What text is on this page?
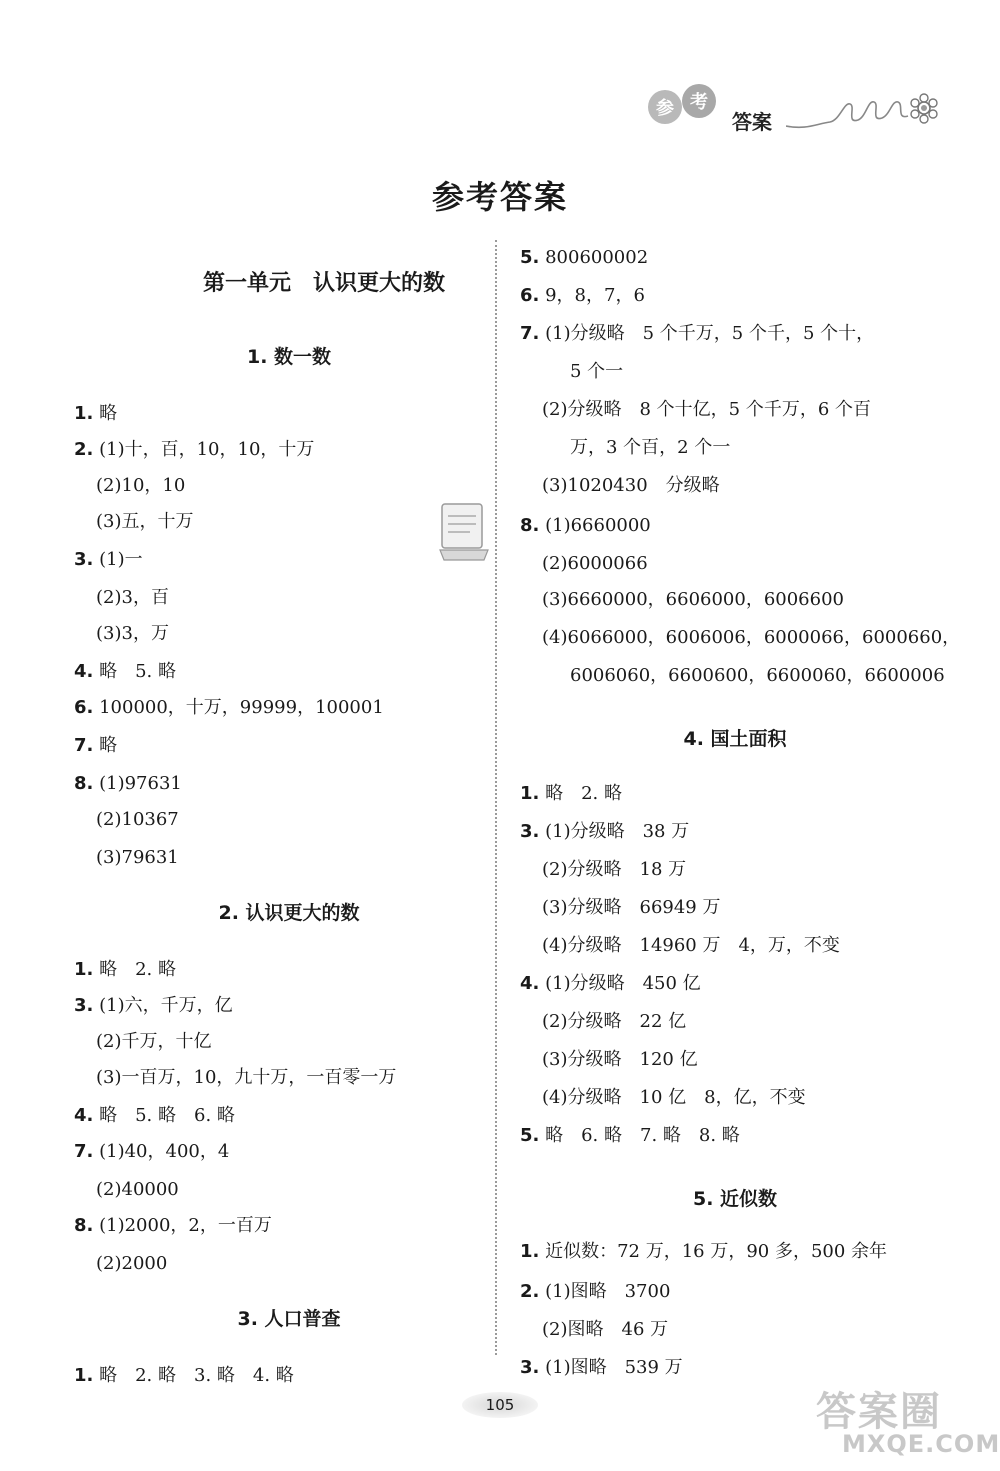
参 考
答案
参考答案
第一单元　认识更大的数
1. 数一数
1. 略
2. (1)十，百，10，10，十万
(2)10，10
(3)五，十万
3. (1)一
(2)3，百
(3)3，万
4. 略　5. 略
6. 100000，十万，99999，100001
7. 略
8. (1)97631
(2)10367
(3)79631
2. 认识更大的数
1. 略　2. 略
3. (1)六，千万，亿
(2)千万，十亿
(3)一百万，10，九十万，一百零一万
4. 略　5. 略　6. 略
7. (1)40，400，4
(2)40000
8. (1)2000，2，一百万
(2)2000
3. 人口普查
1. 略　2. 略　3. 略　4. 略
5. 800600002
6. 9，8，7，6
7. (1)分级略　5 个千万，5 个千，5 个十，
5 个一
(2)分级略　8 个十亿，5 个千万，6 个百
万，3 个百，2 个一
(3)1020430　分级略
8. (1)6660000
(2)6000066
(3)6660000，6606000，6006600
(4)6066000，6006006，6000066，6000660，
6006060，6600600，6600060，6600006
4. 国土面积
1. 略　2. 略
3. (1)分级略　38 万
(2)分级略　18 万
(3)分级略　66949 万
(4)分级略　14960 万　4，万，不变
4. (1)分级略　450 亿
(2)分级略　22 亿
(3)分级略　120 亿
(4)分级略　10 亿　8，亿，不变
5. 略　6. 略　7. 略　8. 略
5. 近似数
1. 近似数：72 万，16 万，90 多，500 余年
2. (1)图略　3700
(2)图略　46 万
3. (1)图略　539 万
105	答案圈
MXQE.COM
